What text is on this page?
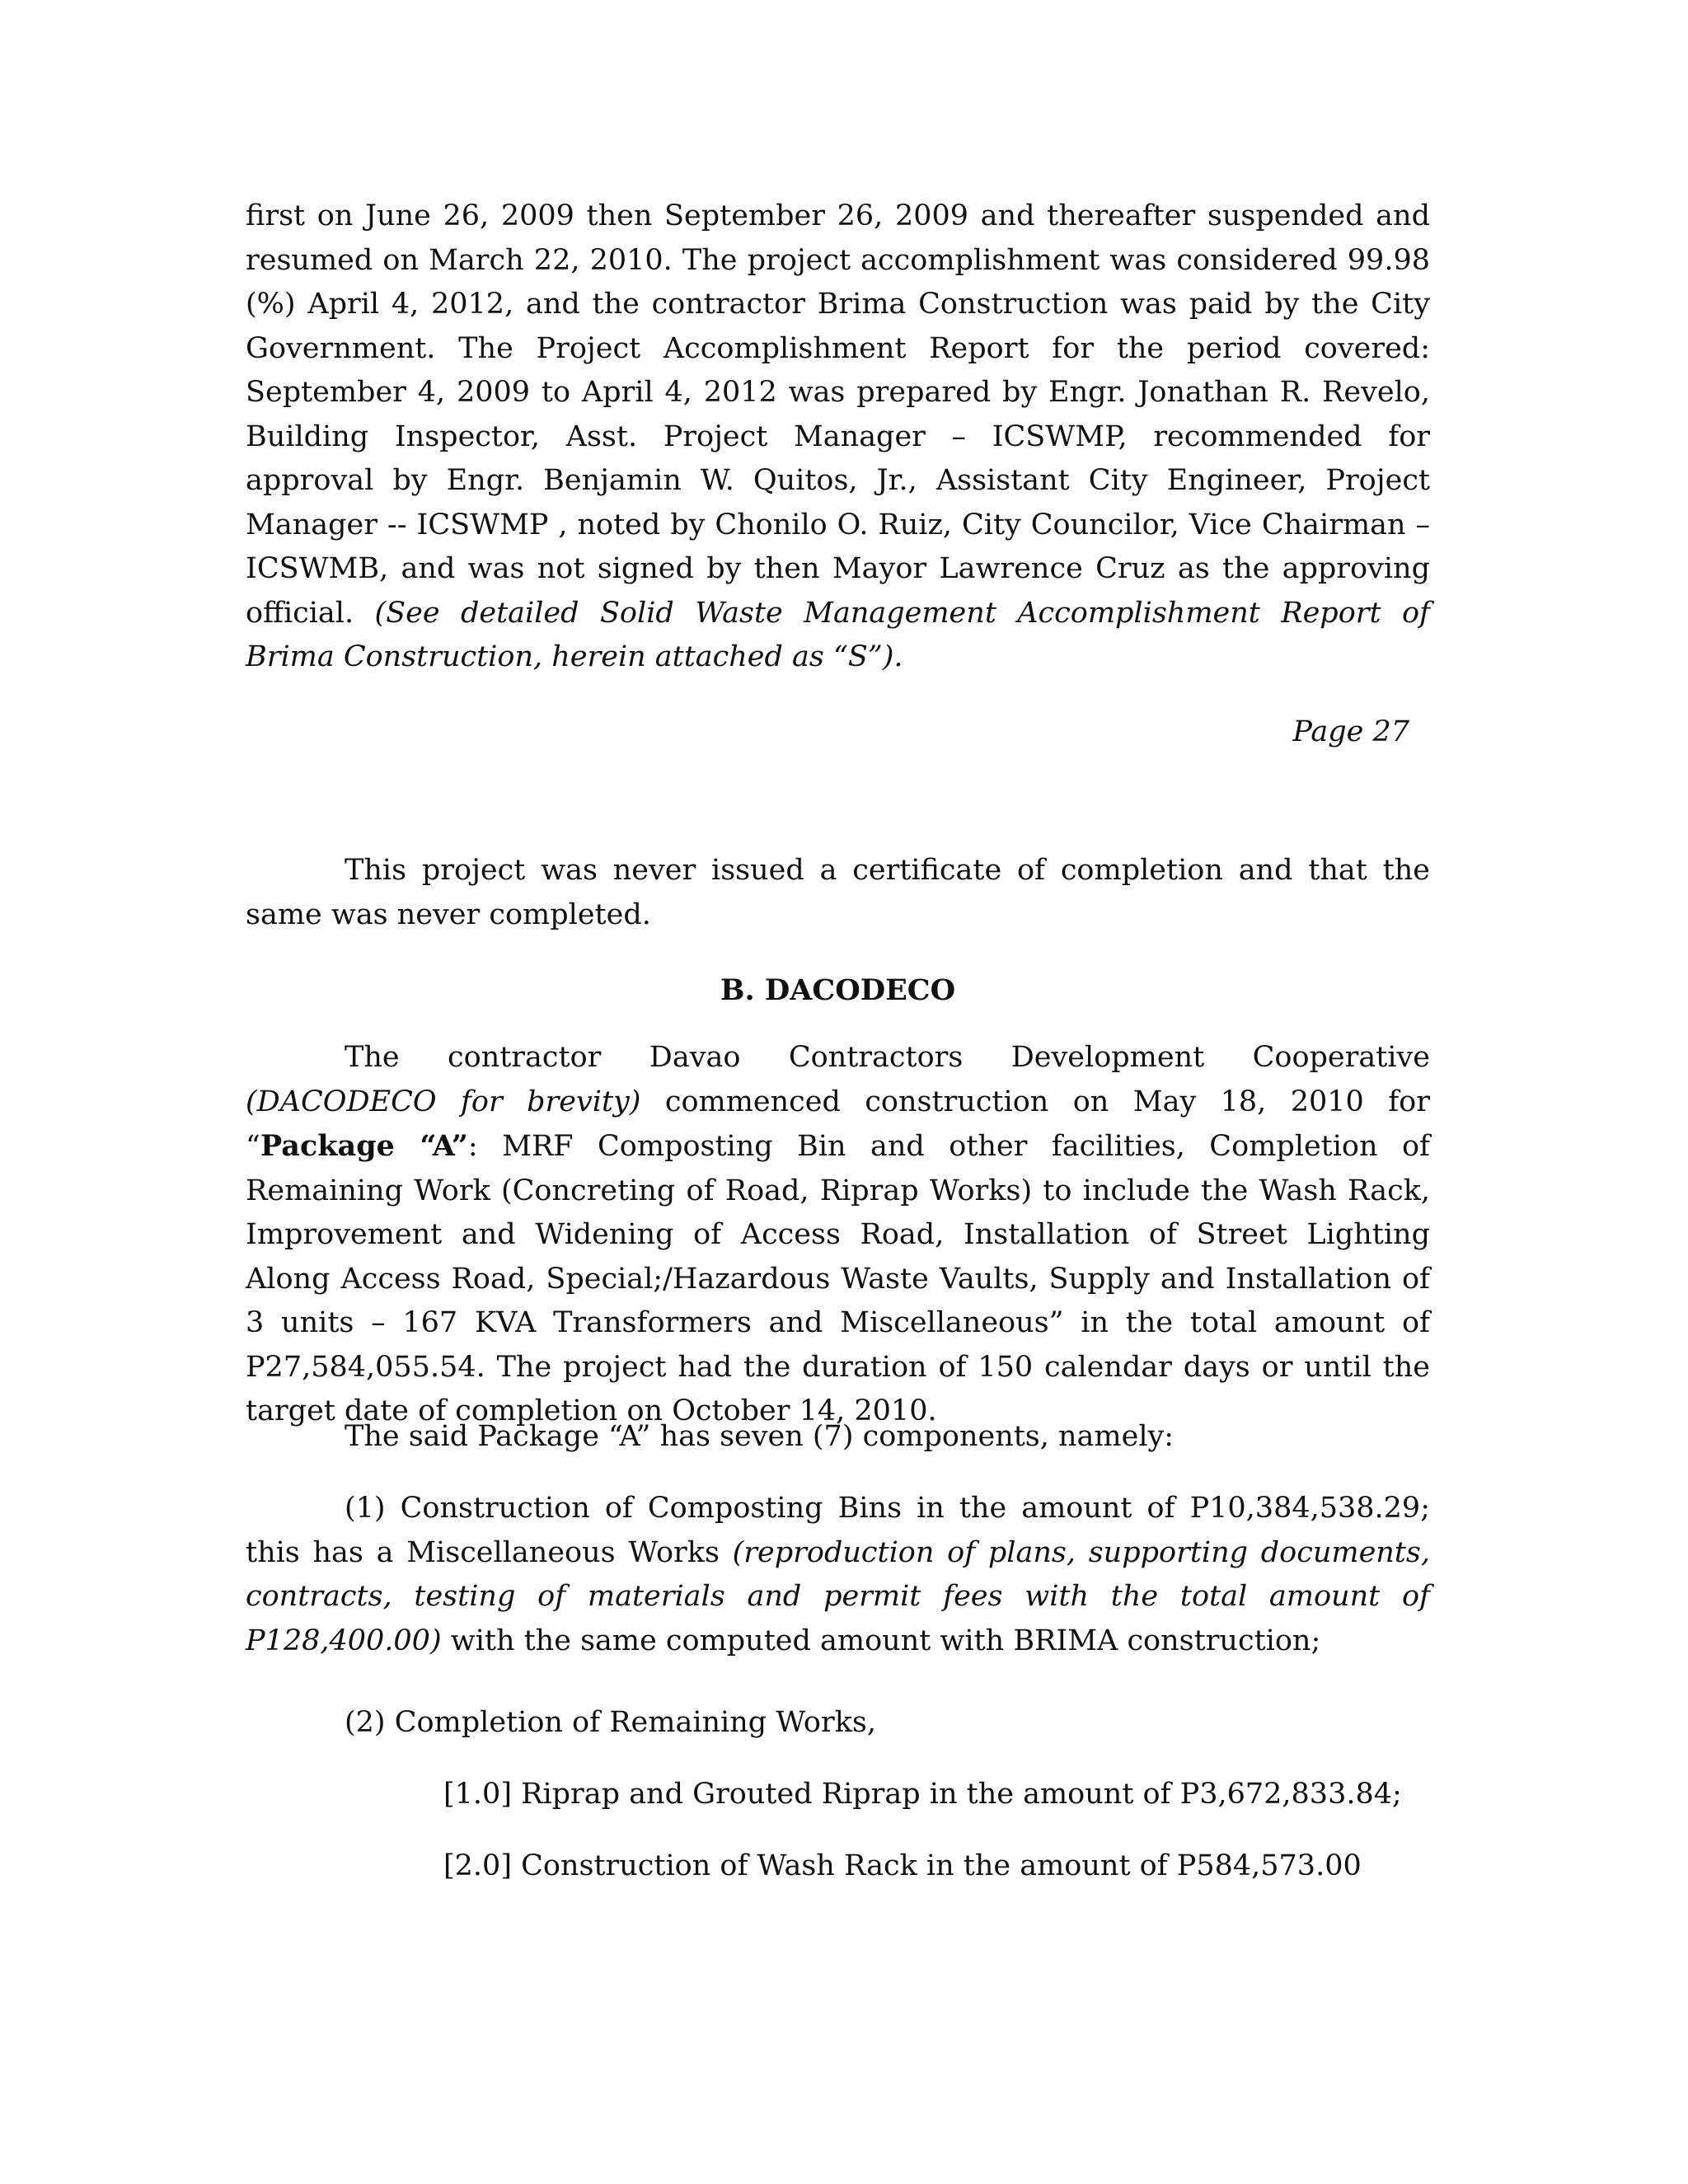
first on June 26, 2009 then September 26, 2009 and thereafter suspended and resumed on March 22, 2010. The project accomplishment was considered 99.98 (%) April 4, 2012, and the contractor Brima Construction was paid by the City Government. The Project Accomplishment Report for the period covered: September 4, 2009 to April 4, 2012 was prepared by Engr. Jonathan R. Revelo, Building Inspector, Asst. Project Manager – ICSWMP, recommended for approval by Engr. Benjamin W. Quitos, Jr., Assistant City Engineer, Project Manager -- ICSWMP , noted by Chonilo O. Ruiz, City Councilor, Vice Chairman –ICSWMB, and was not signed by then Mayor Lawrence Cruz as the approving official. (See detailed Solid Waste Management Accomplishment Report of Brima Construction, herein attached as “S”).

Page 27

This project was never issued a certificate of completion and that the same was never completed.

B. DACODECO

The contractor Davao Contractors Development Cooperative (DACODECO for brevity) commenced construction on May 18, 2010 for “Package “A”: MRF Composting Bin and other facilities, Completion of Remaining Work (Concreting of Road, Riprap Works) to include the Wash Rack, Improvement and Widening of Access Road, Installation of Street Lighting Along Access Road, Special;/Hazardous Waste Vaults, Supply and Installation of 3 units – 167 KVA Transformers and Miscellaneous” in the total amount of P27,584,055.54. The project had the duration of 150 calendar days or until the target date of completion on October 14, 2010.

The said Package “A” has seven (7) components, namely:

(1) Construction of Composting Bins in the amount of P10,384,538.29; this has a Miscellaneous Works (reproduction of plans, supporting documents, contracts, testing of materials and permit fees with the total amount of P128,400.00) with the same computed amount with BRIMA construction;

(2) Completion of Remaining Works,

[1.0] Riprap and Grouted Riprap in the amount of P3,672,833.84;

[2.0] Construction of Wash Rack in the amount of P584,573.00
